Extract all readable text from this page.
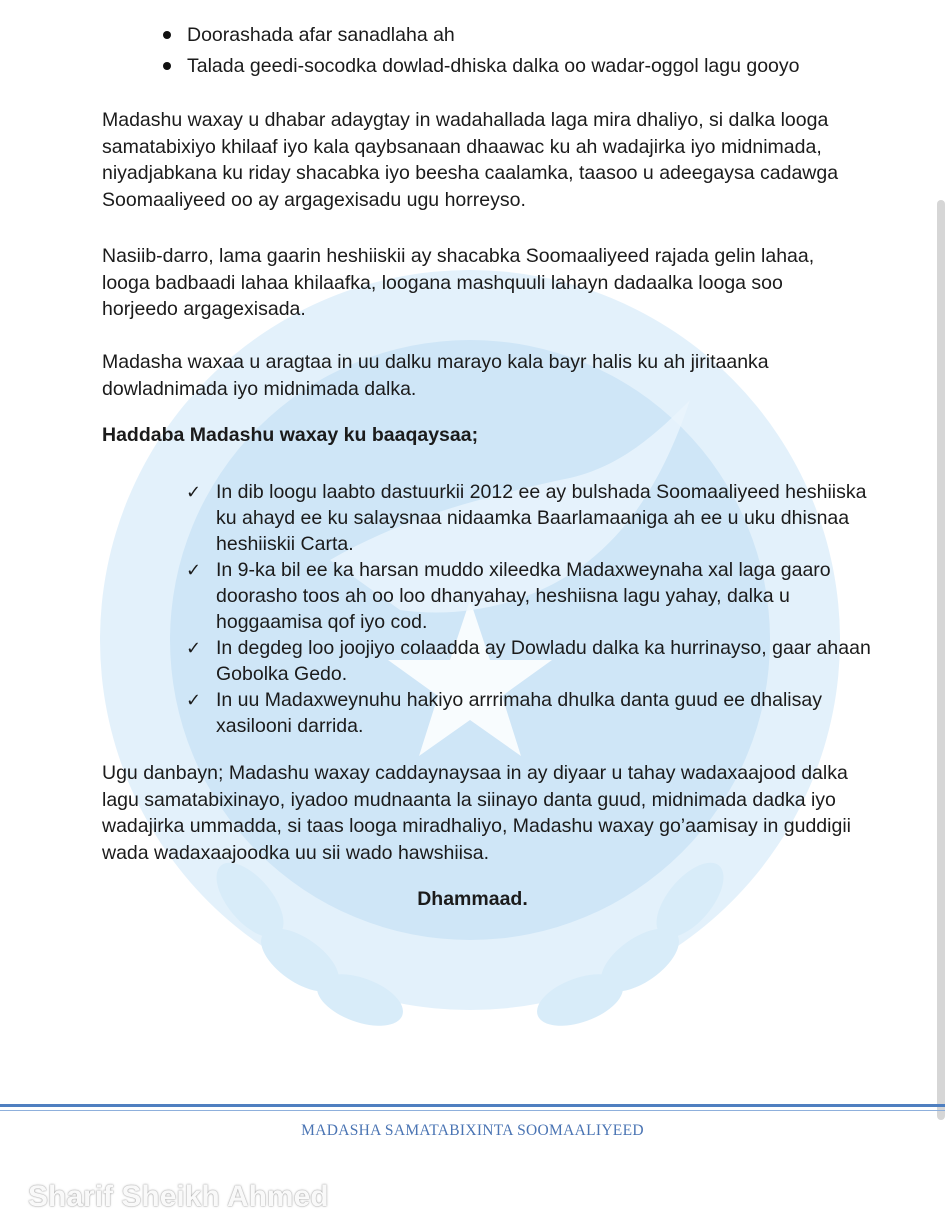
Doorashada afar sanadlaha ah
Talada geedi-socodka dowlad-dhiska dalka oo wadar-oggol lagu gooyo

Madashu waxay u dhabar adaygtay in wadahallada laga mira dhaliyo, si dalka looga samatabixiyo khilaaf iyo kala qaybsanaan dhaawac ku ah wadajirka iyo midnimada, niyadjabkana ku riday shacabka iyo beesha caalamka, taasoo u adeegaysa cadawga Soomaaliyeed oo ay argagexisadu ugu horreyso.

Nasiib-darro, lama gaarin heshiiskii ay shacabka Soomaaliyeed rajada gelin lahaa, looga badbaadi lahaa khilaafka, loogana mashquuli lahayn dadaalka looga soo horjeedo argagexisada.

Madasha waxaa u aragtaa in uu dalku marayo kala bayr halis ku ah jiritaanka dowladnimada iyo midnimada dalka.

Haddaba Madashu waxay ku baaqaysaa;

✓ In dib loogu laabto dastuurkii 2012 ee ay bulshada Soomaaliyeed heshiiska ku ahayd ee ku salaysnaa nidaamka Baarlamaaniga ah ee u uku dhisnaa heshiiskii Carta.
✓ In 9-ka bil ee ka harsan muddo xileedka Madaxweynaha xal laga gaaro doorasho toos ah oo loo dhanyahay, heshiisna lagu yahay, dalka u hoggaamisa qof iyo cod.
✓ In degdeg loo joojiyo colaadda ay Dowladu dalka ka hurrinayso, gaar ahaan Gobolka Gedo.
✓ In uu Madaxweynuhu hakiyo arrrimaha dhulka danta guud ee dhalisay xasilooni darrida.

Ugu danbayn; Madashu waxay caddaynaysaa in ay diyaar u tahay wadaxaajood dalka lagu samatabixinayo, iyadoo mudnaanta la siinayo danta guud, midnimada dadka iyo wadajirka ummadda, si taas looga miradhaliyo, Madashu waxay go’aamisay in guddigii wada wadaxaajoodka uu sii wado hawshiisa.

Dhammaad.

MADASHA SAMATABIXINTA SOOMAALIYEED
Sharif Sheikh Ahmed
